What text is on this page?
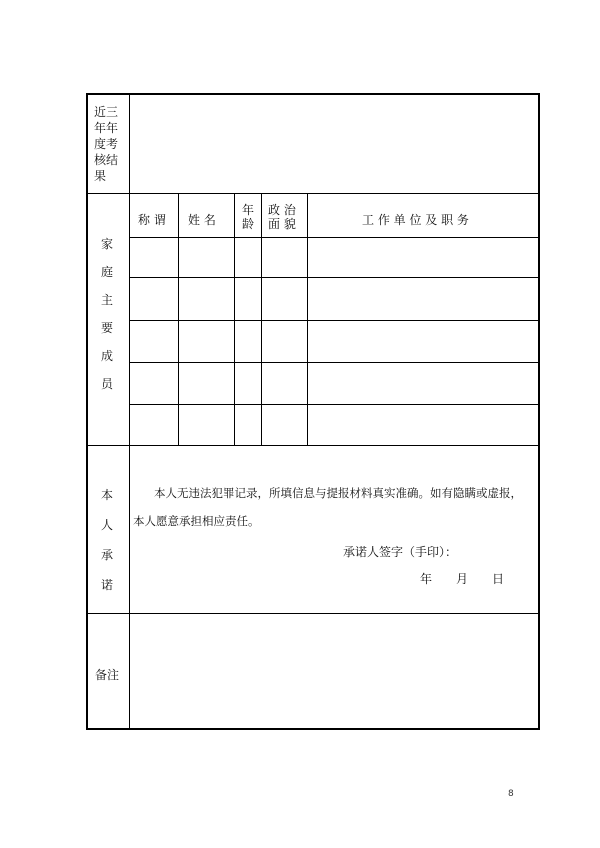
近三
年年
度考
核结
果
家
庭
主
要
成
员
称 谓 姓 名
年
龄
政 治
面 貌	工 作 单 位 及 职 务
本
人
承
诺
本人无违法犯罪记录，所填信息与提报材料真实准确。如有隐瞒或虚报，
本人愿意承担相应责任。
承诺人签字（手印）：
年 月 日
备注
8
